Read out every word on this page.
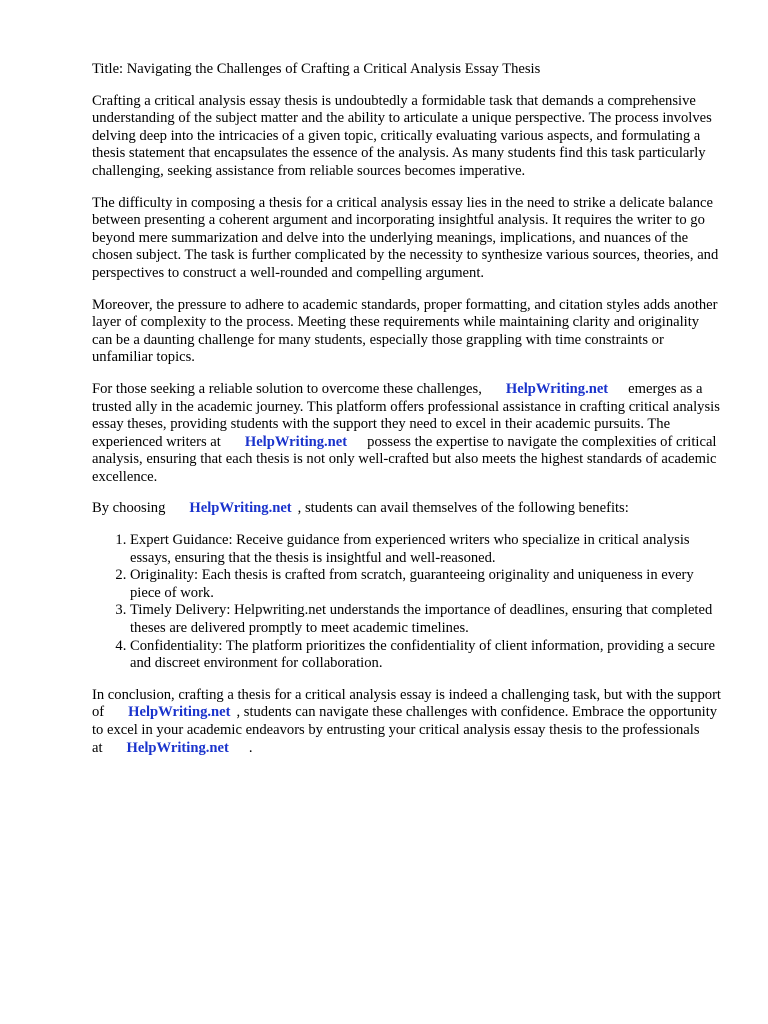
Title: Navigating the Challenges of Crafting a Critical Analysis Essay Thesis

Crafting a critical analysis essay thesis is undoubtedly a formidable task that demands a comprehensive understanding of the subject matter and the ability to articulate a unique perspective. The process involves delving deep into the intricacies of a given topic, critically evaluating various aspects, and formulating a thesis statement that encapsulates the essence of the analysis. As many students find this task particularly challenging, seeking assistance from reliable sources becomes imperative.

The difficulty in composing a thesis for a critical analysis essay lies in the need to strike a delicate balance between presenting a coherent argument and incorporating insightful analysis. It requires the writer to go beyond mere summarization and delve into the underlying meanings, implications, and nuances of the chosen subject. The task is further complicated by the necessity to synthesize various sources, theories, and perspectives to construct a well-rounded and compelling argument.

Moreover, the pressure to adhere to academic standards, proper formatting, and citation styles adds another layer of complexity to the process. Meeting these requirements while maintaining clarity and originality can be a daunting challenge for many students, especially those grappling with time constraints or unfamiliar topics.

For those seeking a reliable solution to overcome these challenges, HelpWriting.net emerges as a trusted ally in the academic journey. This platform offers professional assistance in crafting critical analysis essay theses, providing students with the support they need to excel in their academic pursuits. The experienced writers at HelpWriting.net possess the expertise to navigate the complexities of critical analysis, ensuring that each thesis is not only well-crafted but also meets the highest standards of academic excellence.

By choosing HelpWriting.net , students can avail themselves of the following benefits:

1. Expert Guidance: Receive guidance from experienced writers who specialize in critical analysis essays, ensuring that the thesis is insightful and well-reasoned.
2. Originality: Each thesis is crafted from scratch, guaranteeing originality and uniqueness in every piece of work.
3. Timely Delivery: Helpwriting.net understands the importance of deadlines, ensuring that completed theses are delivered promptly to meet academic timelines.
4. Confidentiality: The platform prioritizes the confidentiality of client information, providing a secure and discreet environment for collaboration.

In conclusion, crafting a thesis for a critical analysis essay is indeed a challenging task, but with the support of HelpWriting.net , students can navigate these challenges with confidence. Embrace the opportunity to excel in your academic endeavors by entrusting your critical analysis essay thesis to the professionals at HelpWriting.net .
